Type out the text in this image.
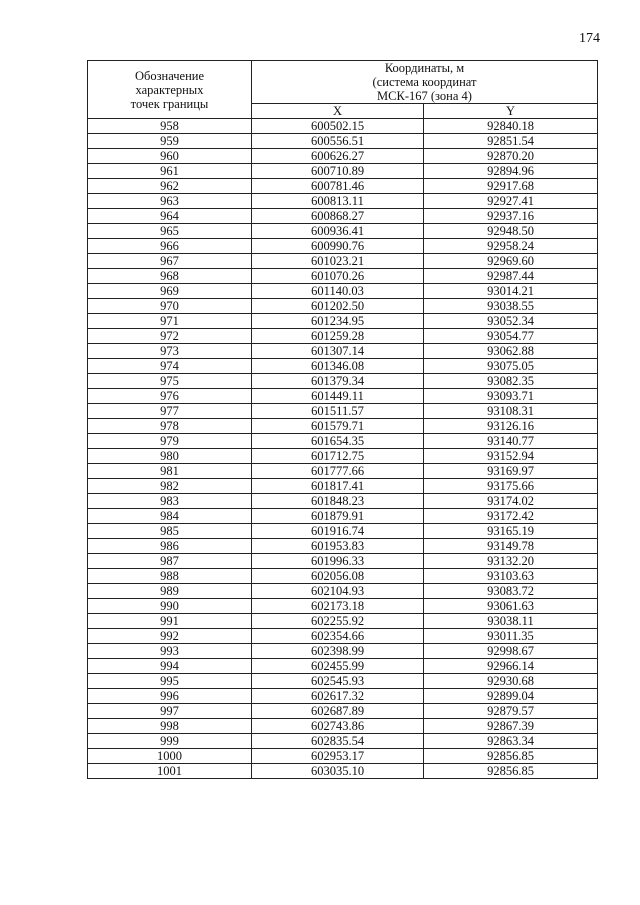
174
Обозначение
характерных
точек границы	Координаты, м
(система координат
МСК-167 (зона 4)	

	X	Y
958	600502.15	92840.18
959	600556.51	92851.54
960	600626.27	92870.20
961	600710.89	92894.96
962	600781.46	92917.68
963	600813.11	92927.41
964	600868.27	92937.16
965	600936.41	92948.50
966	600990.76	92958.24
967	601023.21	92969.60
968	601070.26	92987.44
969	601140.03	93014.21
970	601202.50	93038.55
971	601234.95	93052.34
972	601259.28	93054.77
973	601307.14	93062.88
974	601346.08	93075.05
975	601379.34	93082.35
976	601449.11	93093.71
977	601511.57	93108.31
978	601579.71	93126.16
979	601654.35	93140.77
980	601712.75	93152.94
981	601777.66	93169.97
982	601817.41	93175.66
983	601848.23	93174.02
984	601879.91	93172.42
985	601916.74	93165.19
986	601953.83	93149.78
987	601996.33	93132.20
988	602056.08	93103.63
989	602104.93	93083.72
990	602173.18	93061.63
991	602255.92	93038.11
992	602354.66	93011.35
993	602398.99	92998.67
994	602455.99	92966.14
995	602545.93	92930.68
996	602617.32	92899.04
997	602687.89	92879.57
998	602743.86	92867.39
999	602835.54	92863.34
1000	602953.17	92856.85
1001	603035.10	92856.85
